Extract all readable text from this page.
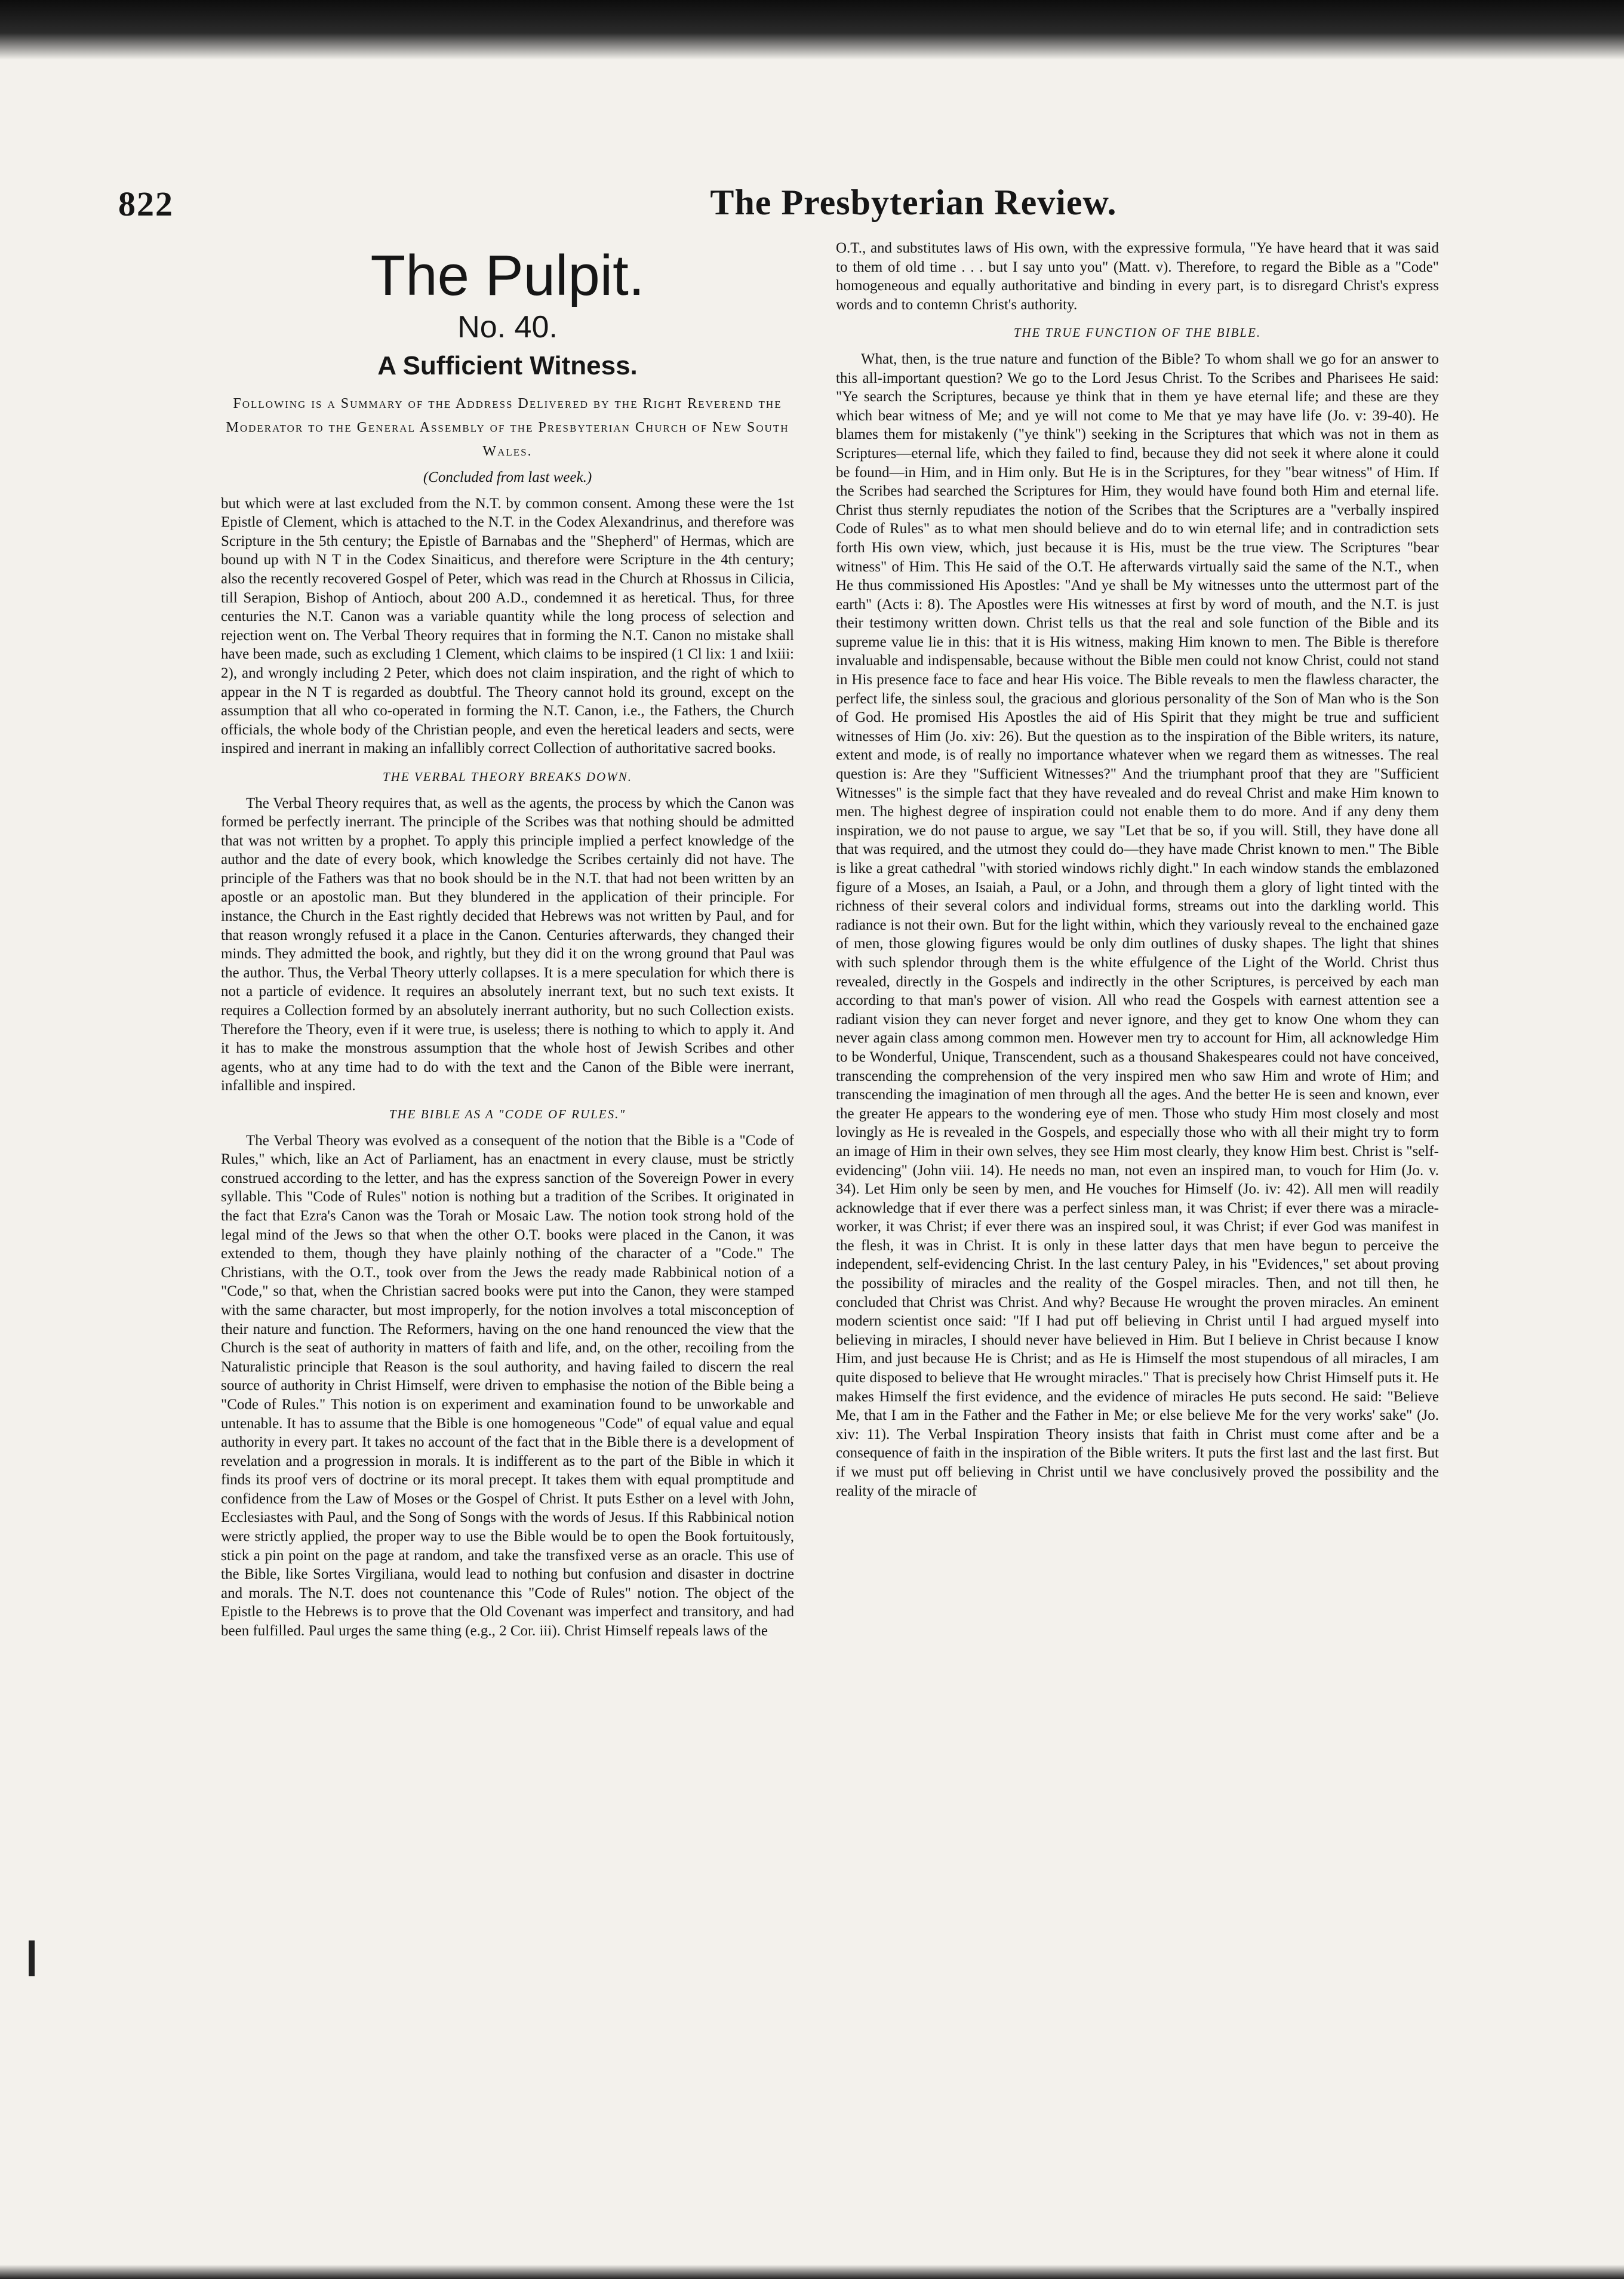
822	The Presbyterian Review.
The Pulpit.
No. 40.
A Sufficient Witness.
Following is a Summary of the Address Delivered by the Right Reverend the Moderator to the General Assembly of the Presbyterian Church of New South Wales.
(Concluded from last week.)

but which were at last excluded from the N.T. by common consent. Among these were the 1st Epistle of Clement, which is attached to the N.T. in the Codex Alexandrinus, and therefore was Scripture in the 5th century; the Epistle of Barnabas and the "Shepherd" of Hermas, which are bound up with N T in the Codex Sinaiticus, and therefore were Scripture in the 4th century; also the recently recovered Gospel of Peter, which was read in the Church at Rhossus in Cilicia, till Serapion, Bishop of Antioch, about 200 A.D., condemned it as heretical. Thus, for three centuries the N.T. Canon was a variable quantity while the long process of selection and rejection went on. The Verbal Theory requires that in forming the N.T. Canon no mistake shall have been made, such as excluding 1 Clement, which claims to be inspired (1 Cl lix: 1 and lxiii: 2), and wrongly including 2 Peter, which does not claim inspiration, and the right of which to appear in the N T is regarded as doubtful. The Theory cannot hold its ground, except on the assumption that all who co-operated in forming the N.T. Canon, i.e., the Fathers, the Church officials, the whole body of the Christian people, and even the heretical leaders and sects, were inspired and inerrant in making an infallibly correct Collection of authoritative sacred books.

THE VERBAL THEORY BREAKS DOWN.

The Verbal Theory requires that, as well as the agents, the process by which the Canon was formed be perfectly inerrant. The principle of the Scribes was that nothing should be admitted that was not written by a prophet. To apply this principle implied a perfect knowledge of the author and the date of every book, which knowledge the Scribes certainly did not have. The principle of the Fathers was that no book should be in the N.T. that had not been written by an apostle or an apostolic man. But they blundered in the application of their principle. For instance, the Church in the East rightly decided that Hebrews was not written by Paul, and for that reason wrongly refused it a place in the Canon. Centuries afterwards, they changed their minds. They admitted the book, and rightly, but they did it on the wrong ground that Paul was the author. Thus, the Verbal Theory utterly collapses. It is a mere speculation for which there is not a particle of evidence. It requires an absolutely inerrant text, but no such text exists. It requires a Collection formed by an absolutely inerrant authority, but no such Collection exists. Therefore the Theory, even if it were true, is useless; there is nothing to which to apply it. And it has to make the monstrous assumption that the whole host of Jewish Scribes and other agents, who at any time had to do with the text and the Canon of the Bible were inerrant, infallible and inspired.

THE BIBLE AS A "CODE OF RULES."

The Verbal Theory was evolved as a consequent of the notion that the Bible is a "Code of Rules," which, like an Act of Parliament, has an enactment in every clause, must be strictly construed according to the letter, and has the express sanction of the Sovereign Power in every syllable. This "Code of Rules" notion is nothing but a tradition of the Scribes. It originated in the fact that Ezra's Canon was the Torah or Mosaic Law. The notion took strong hold of the legal mind of the Jews so that when the other O.T. books were placed in the Canon, it was extended to them, though they have plainly nothing of the character of a "Code." The Christians, with the O.T., took over from the Jews the ready made Rabbinical notion of a "Code," so that, when the Christian sacred books were put into the Canon, they were stamped with the same character, but most improperly, for the notion involves a total misconception of their nature and function. The Reformers, having on the one hand renounced the view that the Church is the seat of authority in matters of faith and life, and, on the other, recoiling from the Naturalistic principle that Reason is the soul authority, and having failed to discern the real source of authority in Christ Himself, were driven to emphasise the notion of the Bible being a "Code of Rules." This notion is on experiment and examination found to be unworkable and untenable. It has to assume that the Bible is one homogeneous "Code" of equal value and equal authority in every part. It takes no account of the fact that in the Bible there is a development of revelation and a progression in morals. It is indifferent as to the part of the Bible in which it finds its proof vers of doctrine or its moral precept. It takes them with equal promptitude and confidence from the Law of Moses or the Gospel of Christ. It puts Esther on a level with John, Ecclesiastes with Paul, and the Song of Songs with the words of Jesus. If this Rabbinical notion were strictly applied, the proper way to use the Bible would be to open the Book fortuitously, stick a pin point on the page at random, and take the transfixed verse as an oracle. This use of the Bible, like Sortes Virgiliana, would lead to nothing but confusion and disaster in doctrine and morals. The N.T. does not countenance this "Code of Rules" notion. The object of the Epistle to the Hebrews is to prove that the Old Covenant was imperfect and transitory, and had been fulfilled. Paul urges the same thing (e.g., 2 Cor. iii). Christ Himself repeals laws of the

O.T., and substitutes laws of His own, with the expressive formula, "Ye have heard that it was said to them of old time . . . but I say unto you" (Matt. v). Therefore, to regard the Bible as a "Code" homogeneous and equally authoritative and binding in every part, is to disregard Christ's express words and to contemn Christ's authority.

THE TRUE FUNCTION OF THE BIBLE.

What, then, is the true nature and function of the Bible? To whom shall we go for an answer to this all-important question? We go to the Lord Jesus Christ. To the Scribes and Pharisees He said: "Ye search the Scriptures, because ye think that in them ye have eternal life; and these are they which bear witness of Me; and ye will not come to Me that ye may have life (Jo. v: 39-40). He blames them for mistakenly ("ye think") seeking in the Scriptures that which was not in them as Scriptures—eternal life, which they failed to find, because they did not seek it where alone it could be found—in Him, and in Him only. But He is in the Scriptures, for they "bear witness" of Him. If the Scribes had searched the Scriptures for Him, they would have found both Him and eternal life. Christ thus sternly repudiates the notion of the Scribes that the Scriptures are a "verbally inspired Code of Rules" as to what men should believe and do to win eternal life; and in contradiction sets forth His own view, which, just because it is His, must be the true view. The Scriptures "bear witness" of Him. This He said of the O.T. He afterwards virtually said the same of the N.T., when He thus commissioned His Apostles: "And ye shall be My witnesses unto the uttermost part of the earth" (Acts i: 8). The Apostles were His witnesses at first by word of mouth, and the N.T. is just their testimony written down. Christ tells us that the real and sole function of the Bible and its supreme value lie in this: that it is His witness, making Him known to men. The Bible is therefore invaluable and indispensable, because without the Bible men could not know Christ, could not stand in His presence face to face and hear His voice. The Bible reveals to men the flawless character, the perfect life, the sinless soul, the gracious and glorious personality of the Son of Man who is the Son of God. He promised His Apostles the aid of His Spirit that they might be true and sufficient witnesses of Him (Jo. xiv: 26). But the question as to the inspiration of the Bible writers, its nature, extent and mode, is of really no importance whatever when we regard them as witnesses. The real question is: Are they "Sufficient Witnesses?" And the triumphant proof that they are "Sufficient Witnesses" is the simple fact that they have revealed and do reveal Christ and make Him known to men. The highest degree of inspiration could not enable them to do more. And if any deny them inspiration, we do not pause to argue, we say "Let that be so, if you will. Still, they have done all that was required, and the utmost they could do—they have made Christ known to men." The Bible is like a great cathedral "with storied windows richly dight." In each window stands the emblazoned figure of a Moses, an Isaiah, a Paul, or a John, and through them a glory of light tinted with the richness of their several colors and individual forms, streams out into the darkling world. This radiance is not their own. But for the light within, which they variously reveal to the enchained gaze of men, those glowing figures would be only dim outlines of dusky shapes. The light that shines with such splendor through them is the white effulgence of the Light of the World. Christ thus revealed, directly in the Gospels and indirectly in the other Scriptures, is perceived by each man according to that man's power of vision. All who read the Gospels with earnest attention see a radiant vision they can never forget and never ignore, and they get to know One whom they can never again class among common men. However men try to account for Him, all acknowledge Him to be Wonderful, Unique, Transcendent, such as a thousand Shakespeares could not have conceived, transcending the comprehension of the very inspired men who saw Him and wrote of Him; and transcending the imagination of men through all the ages. And the better He is seen and known, ever the greater He appears to the wondering eye of men. Those who study Him most closely and most lovingly as He is revealed in the Gospels, and especially those who with all their might try to form an image of Him in their own selves, they see Him most clearly, they know Him best. Christ is "self-evidencing" (John viii. 14). He needs no man, not even an inspired man, to vouch for Him (Jo. v. 34). Let Him only be seen by men, and He vouches for Himself (Jo. iv: 42). All men will readily acknowledge that if ever there was a perfect sinless man, it was Christ; if ever there was a miracle-worker, it was Christ; if ever there was an inspired soul, it was Christ; if ever God was manifest in the flesh, it was in Christ. It is only in these latter days that men have begun to perceive the independent, self-evidencing Christ. In the last century Paley, in his "Evidences," set about proving the possibility of miracles and the reality of the Gospel miracles. Then, and not till then, he concluded that Christ was Christ. And why? Because He wrought the proven miracles. An eminent modern scientist once said: "If I had put off believing in Christ until I had argued myself into believing in miracles, I should never have believed in Him. But I believe in Christ because I know Him, and just because He is Christ; and as He is Himself the most stupendous of all miracles, I am quite disposed to believe that He wrought miracles." That is precisely how Christ Himself puts it. He makes Himself the first evidence, and the evidence of miracles He puts second. He said: "Believe Me, that I am in the Father and the Father in Me; or else believe Me for the very works' sake" (Jo. xiv: 11). The Verbal Inspiration Theory insists that faith in Christ must come after and be a consequence of faith in the inspiration of the Bible writers. It puts the first last and the last first. But if we must put off believing in Christ until we have conclusively proved the possibility and the reality of the miracle of
